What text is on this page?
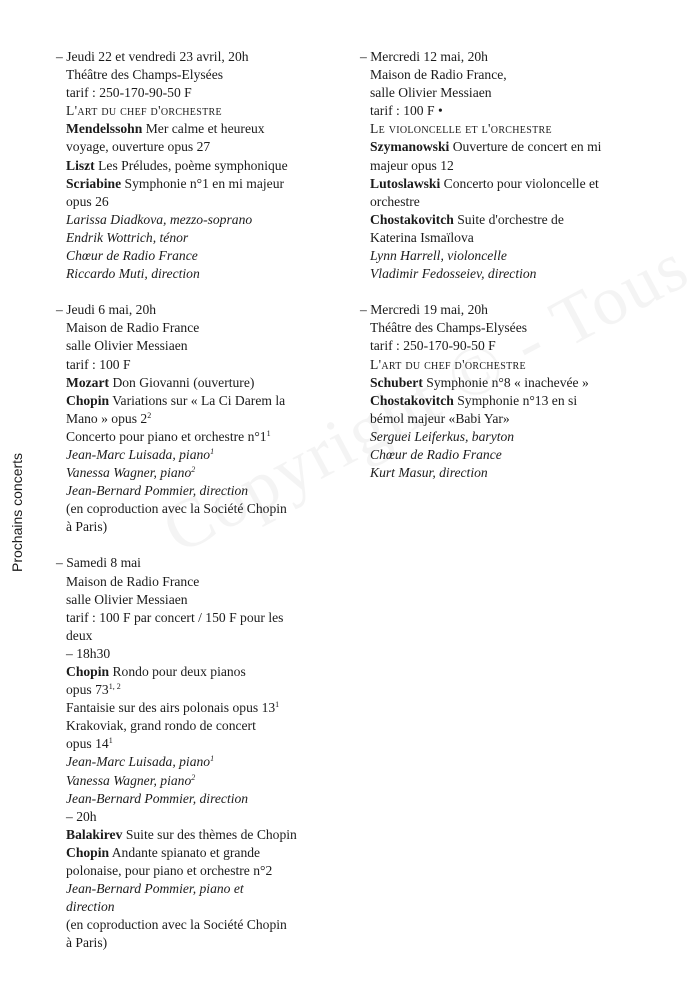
Prochains concerts
– Jeudi 22 et vendredi 23 avril, 20h
Théâtre des Champs-Elysées
tarif : 250-170-90-50 F
L'art du chef d'orchestre
Mendelssohn Mer calme et heureux
voyage, ouverture opus 27
Liszt Les Préludes, poème symphonique
Scriabine Symphonie n°1 en mi majeur
opus 26
Larissa Diadkova, mezzo-soprano
Endrik Wottrich, ténor
Chœur de Radio France
Riccardo Muti, direction
– Jeudi 6 mai, 20h
Maison de Radio France
salle Olivier Messiaen
tarif : 100 F
Mozart Don Giovanni (ouverture)
Chopin Variations sur « La Ci Darem la
Mano » opus $2^2$
Concerto pour piano et orchestre $n^\circ 1^1$
Jean-Marc Luisada, piano$^1$
Vanessa Wagner, piano$^2$
Jean-Bernard Pommier, direction
(en coproduction avec la Société Chopin
à Paris)
– Samedi 8 mai
Maison de Radio France
salle Olivier Messiaen
tarif : 100 F par concert / 150 F pour les
deux
– 18h30
Chopin Rondo pour deux pianos
opus 73$^{1, 2}$
Fantaisie sur des airs polonais opus $13^1$
Krakoviak, grand rondo de concert
opus $14^1$
Jean-Marc Luisada, piano$^1$
Vanessa Wagner, piano$^2$
Jean-Bernard Pommier, direction
– 20h
Balakirev Suite sur des thèmes de Chopin
Chopin Andante spianato et grande
polonaise, pour piano et orchestre n°2
Jean-Bernard Pommier, piano et
direction
(en coproduction avec la Société Chopin
à Paris)
– Mercredi 12 mai, 20h
Maison de Radio France,
salle Olivier Messiaen
tarif : 100 F •
Le violoncelle et l'orchestre
Szymanowski Ouverture de concert en mi
majeur opus 12
Lutoslawski Concerto pour violoncelle et
orchestre
Chostakovitch Suite d'orchestre de
Katerina Ismaïlova
Lynn Harrell, violoncelle
Vladimir Fedosseiev, direction
– Mercredi 19 mai, 20h
Théâtre des Champs-Elysées
tarif : 250-170-90-50 F
L'art du chef d'orchestre
Schubert Symphonie n°8 « inachevée »
Chostakovitch Symphonie n°13 en si
bémol majeur «Babi Yar»
Serguei Leiferkus, baryton
Chœur de Radio France
Kurt Masur, direction
